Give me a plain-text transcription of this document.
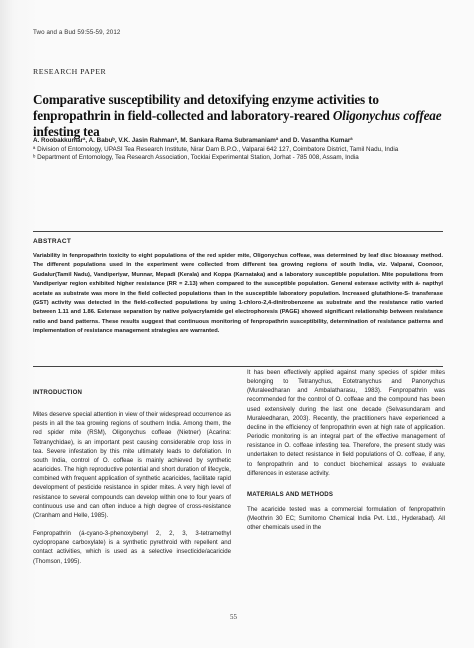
Two and a Bud 59:55-59, 2012
RESEARCH PAPER
Comparative susceptibility and detoxifying enzyme activities to fenpropathrin in field-collected and laboratory-reared Oligonychus coffeae infesting tea
A. Roobakkumarª, A. Babuᵇ, V.K. Jasin Rahmanª, M. Sankara Rama Subramaniamª and D. Vasantha Kumarª
ª Division of Entomology, UPASI Tea Research Institute, Nirar Dam B.P.O., Valparai 642 127, Coimbatore District, Tamil Nadu, India
ᵇ Department of Entomology, Tea Research Association, Tocklai Experimental Station, Jorhat - 785 008, Assam, India
ABSTRACT
Variability in fenpropathrin toxicity to eight populations of the red spider mite, Oligonychus coffeae, was determined by leaf disc bioassay method. The different populations used in the experiment were collected from different tea growing regions of south India, viz. Valparai, Coonoor, Gudalur(Tamil Nadu), Vandiperiyar, Munnar, Mepadi (Kerala) and Koppa (Karnataka) and a laboratory susceptible population. Mite populations from Vandiperiyar region exhibited higher resistance (RR = 2.13) when compared to the susceptible population. General esterase activity with á- napthyl acetate as substrate was more in the field collected populations than in the susceptible laboratory population. Increased glutathione-S- transferase (GST) activity was detected in the field-collected populations by using 1-chloro-2,4-dinitrobenzene as substrate and the resistance ratio varied between 1.11 and 1.86. Esterase separation by native polyacrylamide gel electrophoresis (PAGE) showed significant relationship between resistance ratio and band patterns. These results suggest that continuous monitoring of fenpropathrin susceptibility, determination of resistance patterns and implementation of resistance management strategies are warranted.
INTRODUCTION

Mites deserve special attention in view of their widespread occurrence as pests in all the tea growing regions of southern India. Among them, the red spider mite (RSM), Oligonychus coffeae (Nietner) (Acarina: Tetranychidae), is an important pest causing considerable crop loss in tea. Severe infestation by this mite ultimately leads to defoliation. In south India, control of O. coffeae is mainly achieved by synthetic acaricides. The high reproductive potential and short duration of lifecycle, combined with frequent application of synthetic acaricides, facilitate rapid development of pesticide resistance in spider mites. A very high level of resistance to several compounds can develop within one to four years of continuous use and can often induce a high degree of cross-resistance (Cranham and Helle, 1985).

Fenpropathrin (á-cyano-3-phenoxybenyl 2, 2, 3, 3-tetramethyl cyclopropane carboxylate) is a synthetic pyrethroid with repellent and contact activities, which is used as a selective insecticide/acaricide (Thomson, 1995).

It has been effectively applied against many species of spider mites belonging to Tetranychus, Eotetranychus and Panonychus (Muraleedharan and Ambalatharasu, 1983). Fenpropathrin was recommended for the control of O. coffeae and the compound has been used extensively during the last one decade (Selvasundaram and Muraleedharan, 2003). Recently, the practitioners have experienced a decline in the efficiency of fenpropathrin even at high rate of application. Periodic monitoring is an integral part of the effective management of resistance in O. coffeae infesting tea. Therefore, the present study was undertaken to detect resistance in field populations of O. coffeae, if any, to fenpropathrin and to conduct biochemical assays to evaluate differences in esterase activity.

MATERIALS AND METHODS

The acaricide tested was a commercial formulation of fenpropathrin (Meothrin 30 EC; Sumitomo Chemical India Pvt. Ltd., Hyderabad). All other chemicals used in the

55
